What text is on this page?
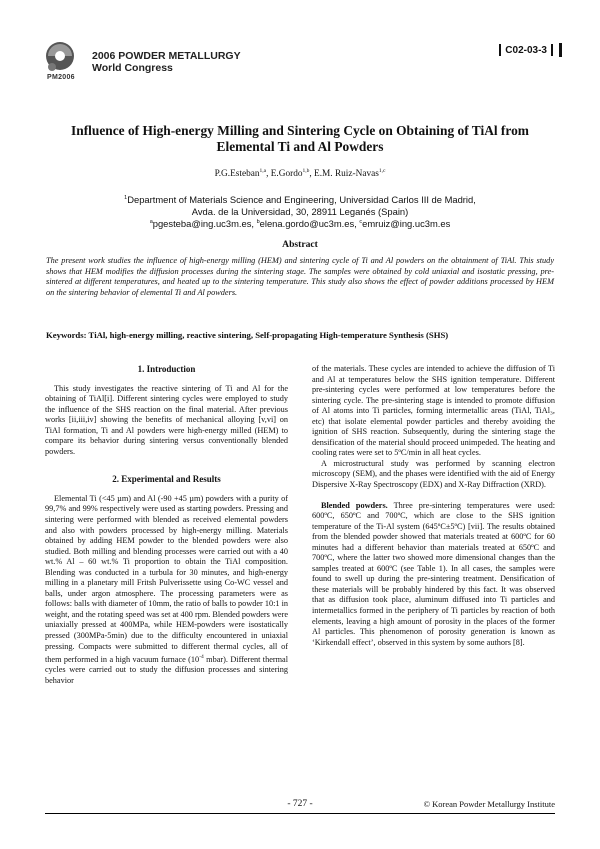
PM2006
2006 POWDER METALLURGY
World Congress
C02-03-3
Influence of High-energy Milling and Sintering Cycle on Obtaining of TiAl from
Elemental Ti and Al Powders
P.G.Esteban$^{1,a}$, E.Gordo$^{1,b}$, E.M. Ruiz-Navas$^{1,c}$
$^1$Department of Materials Science and Engineering, Universidad Carlos III de Madrid,
Avda. de la Universidad, 30, 28911 Leganés (Spain)
$^a$pgesteba@ing.uc3m.es, $^b$elena.gordo@uc3m.es, $^c$emruiz@ing.uc3m.es
Abstract
The present work studies the influence of high-energy milling (HEM) and sintering cycle of Ti and Al powders on the obtainment of TiAl. This study shows that HEM modifies the diffusion processes during the sintering stage. The samples were obtained by cold uniaxial and isostatic pressing, pre-sintered at different temperatures, and heated up to the sintering temperature. This study also shows the effect of powder additions processed by HEM on the sintering behavior of elemental Ti and Al powders.
Keywords: TiAl, high-energy milling, reactive sintering, Self-propagating High-temperature Synthesis (SHS)
1. Introduction

This study investigates the reactive sintering of Ti and Al for the obtaining of TiAl[i]. Different sintering cycles were employed to study the influence of the SHS reaction on the final material. After previous works [ii,iii,iv] showing the benefits of mechanical alloying [v,vi] on TiAl formation, Ti and Al powders were high-energy milled (HEM) to compare its behavior during sintering versus conventionally blended powders.

2. Experimental and Results

Elemental Ti (<45 µm) and Al (-90 +45 µm) powders with a purity of 99,7% and 99% respectively were used as starting powders. Pressing and sintering were performed with blended as received elemental powders and also with powders processed by high-energy milling. Materials obtained by adding HEM powder to the blended powders were also studied. Both milling and blending processes were carried out with a 40 wt.% Al – 60 wt.% Ti proportion to obtain the TiAl composition. Blending was conducted in a turbula for 30 minutes, and high-energy milling in a planetary mill Fritsh Pulverissette using Co-WC vessel and balls, under argon atmosphere. The processing parameters were as follows: balls with diameter of 10mm, the ratio of balls to powder 10:1 in weight, and the rotating speed was set at 400 rpm. Blended powders were uniaxially pressed at 400MPa, while HEM-powders were isostatically pressed (300MPa-5min) due to the difficulty encountered in uniaxial pressing. Compacts were submitted to different thermal cycles, all of them performed in a high vacuum furnace ($10^{-4}$ mbar). Different thermal cycles were carried out to study the diffusion processes and sintering behavior

of the materials. These cycles are intended to achieve the diffusion of Ti and Al at temperatures below the SHS ignition temperature. Different pre-sintering cycles were performed at low temperatures before the sintering cycle. The pre-sintering stage is intended to promote diffusion of Al atoms into Ti particles, forming intermetallic areas (TiAl, TiAl₃, etc) that isolate elemental powder particles and thereby avoiding the ignition of SHS reaction. Subsequently, during the sintering stage the densification of the material should proceed unimpeded. The heating and cooling rates were set to 5ºC/min in all heat cycles.

A microstructural study was performed by scanning electron microscopy (SEM), and the phases were identified with the aid of Energy Dispersive X-Ray Spectroscopy (EDX) and X-Ray Diffraction (XRD).

Blended powders. Three pre-sintering temperatures were used: 600ºC, 650ºC and 700ºC, which are close to the SHS ignition temperature of the Ti-Al system (645ºC±5ºC) [vii]. The results obtained from the blended powder showed that materials treated at 600ºC for 60 minutes had a different behavior than materials treated at 650ºC and 700ºC, where the latter two showed more dimensional changes than the samples treated at 600ºC (see Table 1). In all cases, the samples were found to swell up during the pre-sintering treatment. Densification of these materials will be probably hindered by this fact. It was observed that as diffusion took place, aluminum diffused into Ti particles and intermetallics formed in the periphery of Ti particles by reaction of both elements, leaving a high amount of porosity in the places of the former Al particles. This phenomenon of porosity generation is known as ‘Kirkendall effect’, observed in this system by some authors [8].

- 727 -	© Korean Powder Metallurgy Institute
